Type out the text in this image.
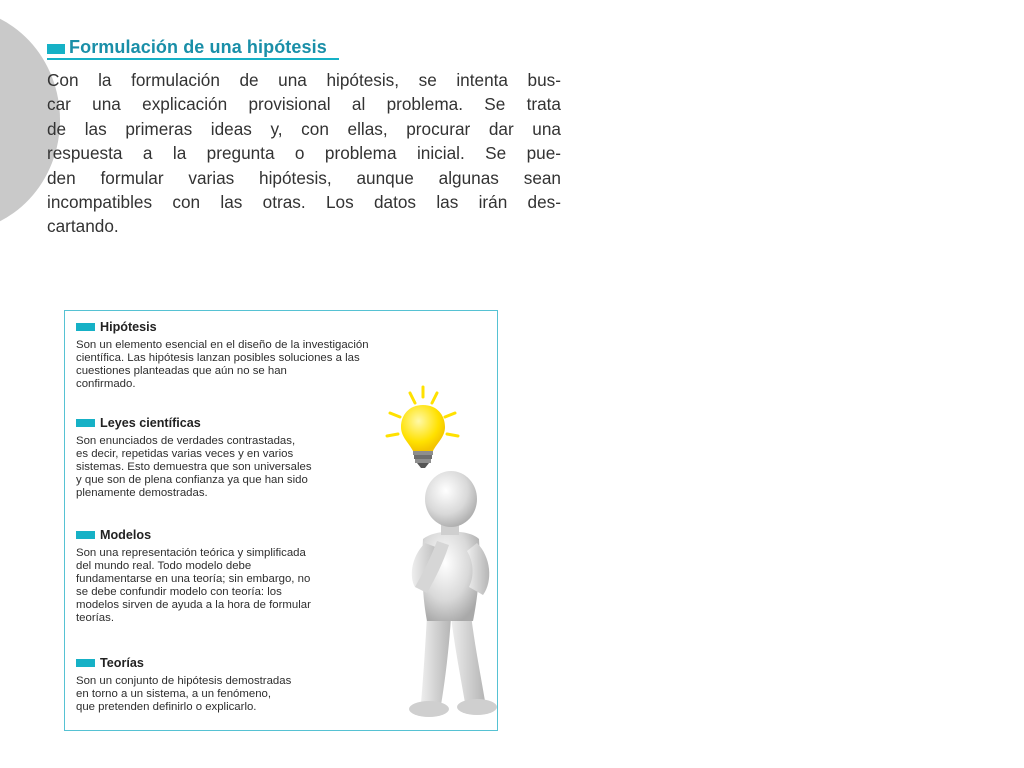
Formulación de una hipótesis
Con la formulación de una hipótesis, se intenta bus-
car una explicación provisional al problema. Se trata
de las primeras ideas y, con ellas, procurar dar una
respuesta a la pregunta o problema inicial. Se pue-
den formular varias hipótesis, aunque algunas sean
incompatibles con las otras. Los datos las irán des-
cartando.
Hipótesis
Son un elemento esencial en el diseño de la investigación
científica. Las hipótesis lanzan posibles soluciones a las
cuestiones planteadas que aún no se han
confirmado.
Leyes científicas
Son enunciados de verdades contrastadas,
es decir, repetidas varias veces y en varios
sistemas. Esto demuestra que son universales
y que son de plena confianza ya que han sido
plenamente demostradas.
Modelos
Son una representación teórica y simplificada
del mundo real. Todo modelo debe
fundamentarse en una teoría; sin embargo, no
se debe confundir modelo con teoría: los
modelos sirven de ayuda a la hora de formular
teorías.
Teorías
Son un conjunto de hipótesis demostradas
en torno a un sistema, a un fenómeno,
que pretenden definirlo o explicarlo.
